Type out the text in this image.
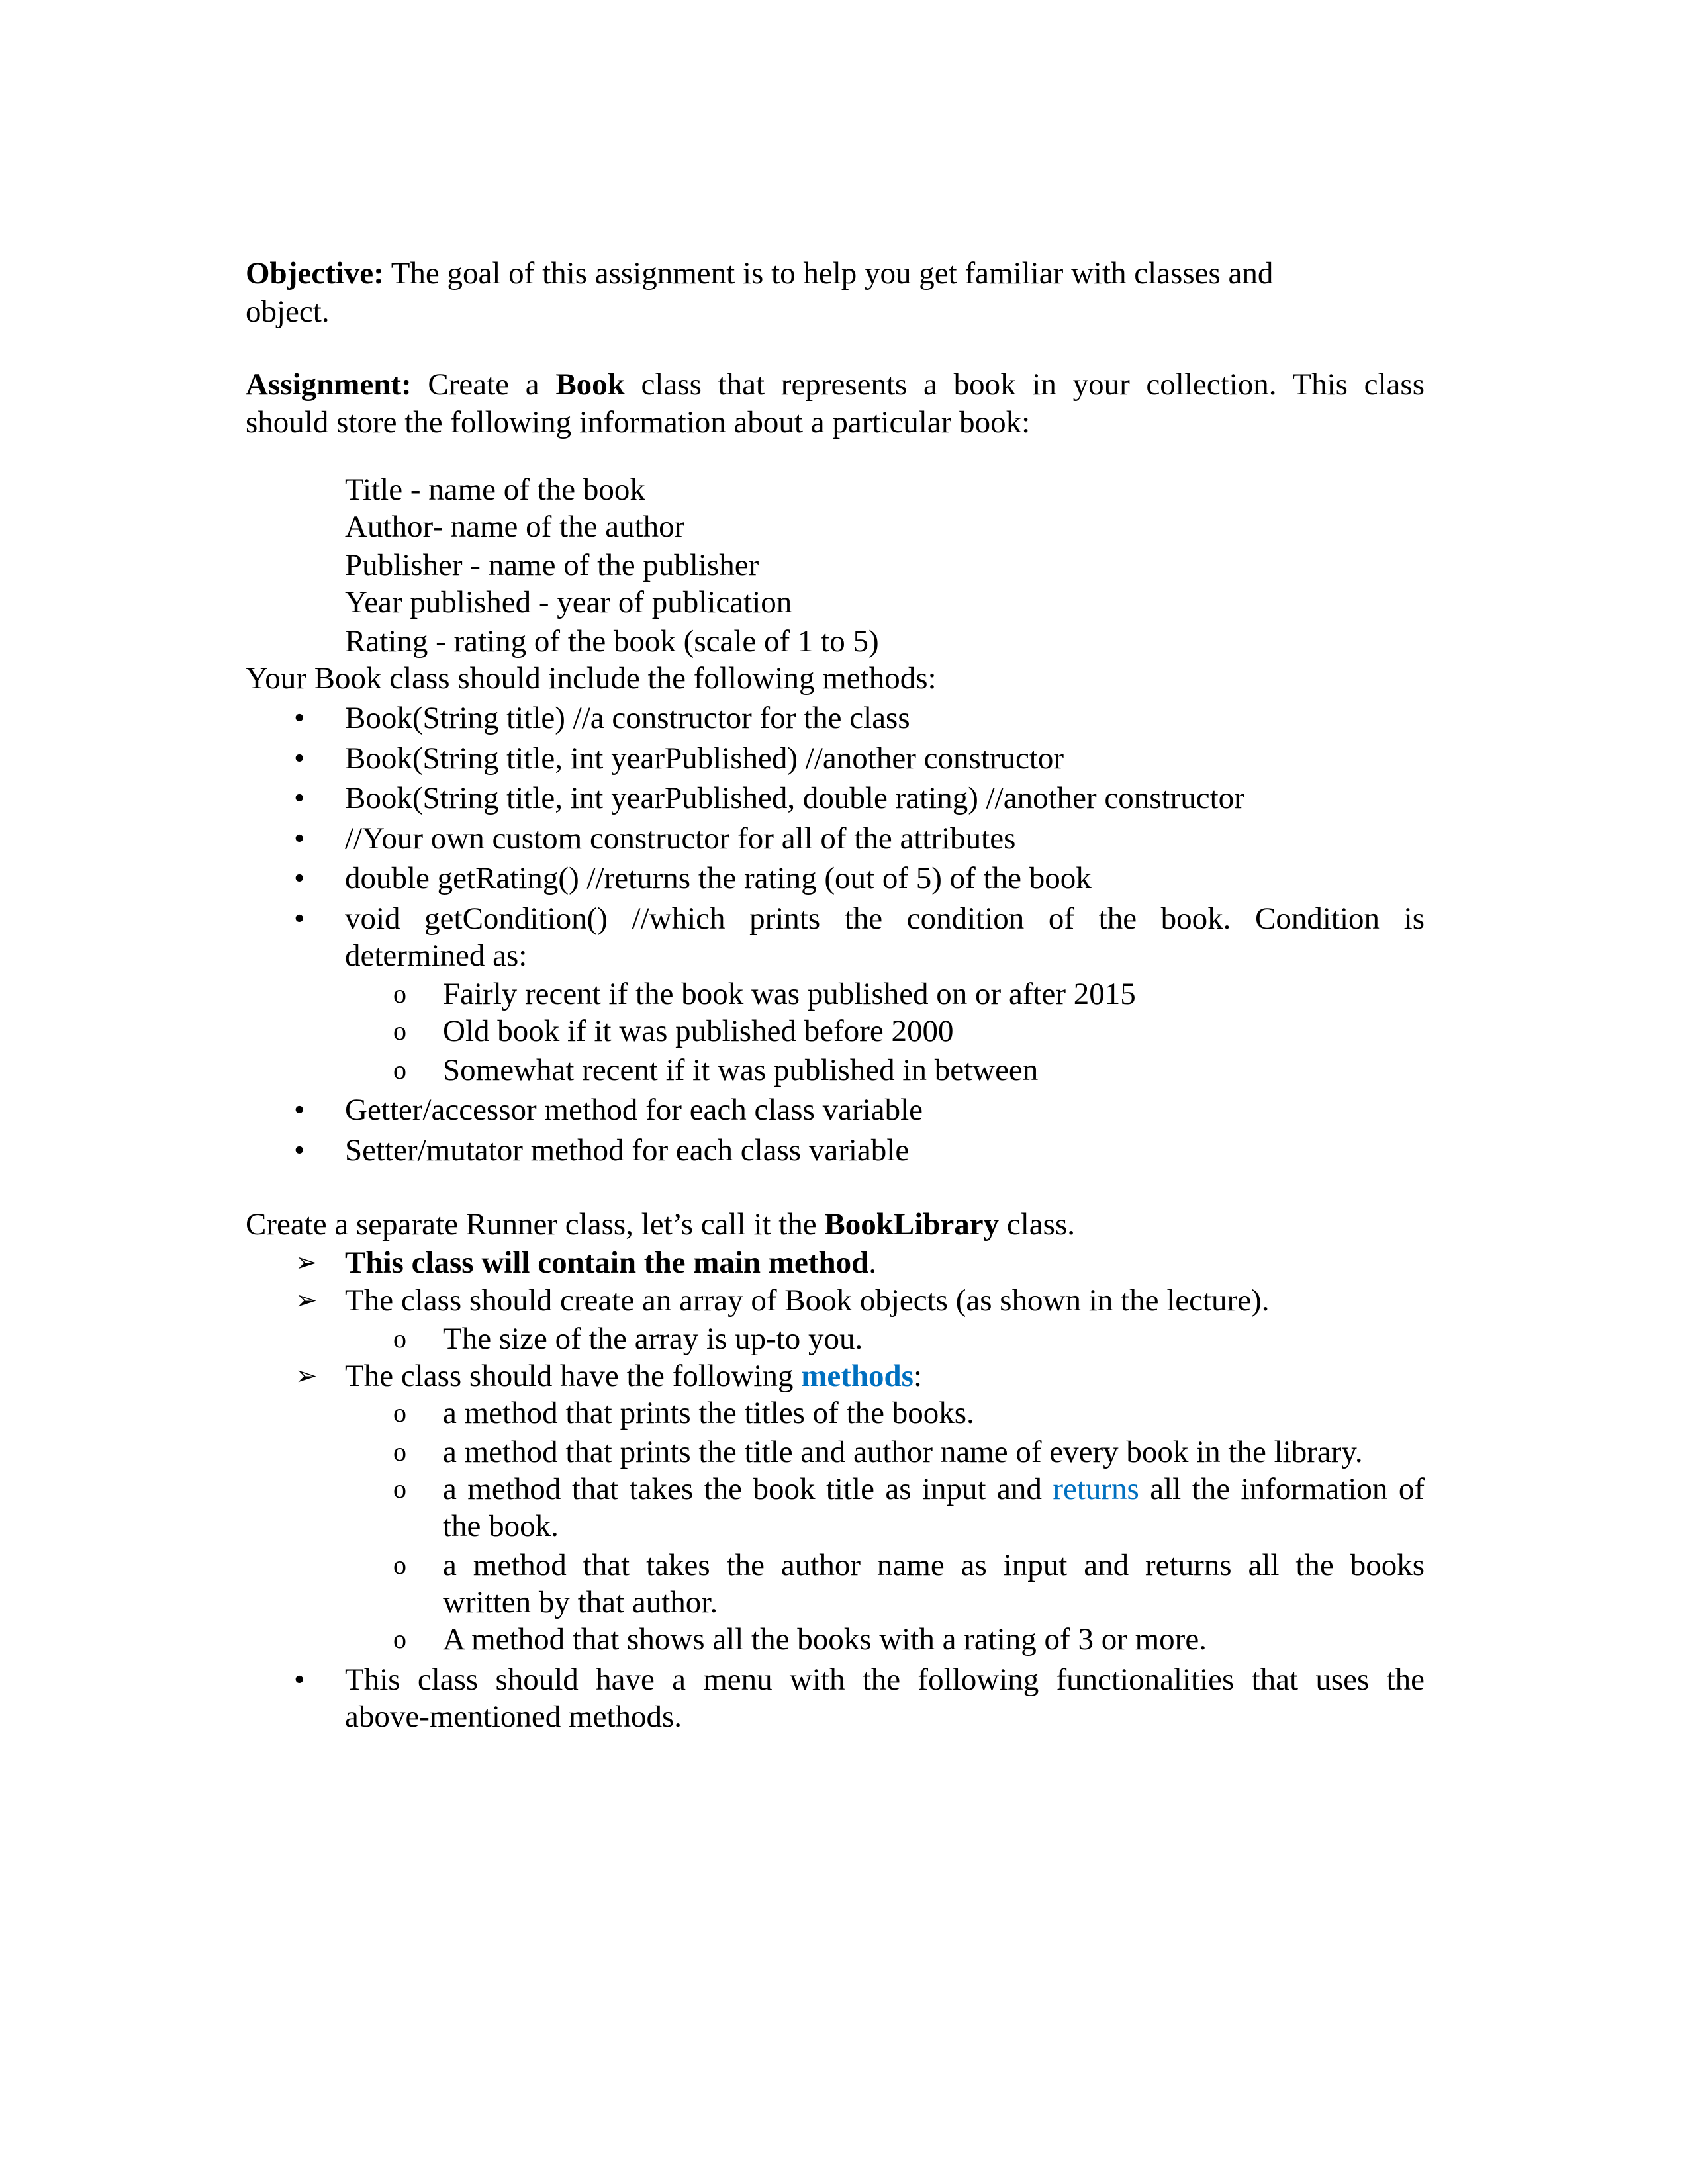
Objective: The goal of this assignment is to help you get familiar with classes and
object.
Assignment: Create a Book class that represents a book in your collection. This class
should store the following information about a particular book:
Title - name of the book
Author- name of the author
Publisher - name of the publisher
Year published - year of publication
Rating - rating of the book (scale of 1 to 5)
Your Book class should include the following methods:
• Book(String title) //a constructor for the class
• Book(String title, int yearPublished) //another constructor
• Book(String title, int yearPublished, double rating) //another constructor
• //Your own custom constructor for all of the attributes
• double getRating() //returns the rating (out of 5) of the book
• void getCondition() //which prints the condition of the book. Condition is
determined as:
o Fairly recent if the book was published on or after 2015
o Old book if it was published before 2000
o Somewhat recent if it was published in between
• Getter/accessor method for each class variable
• Setter/mutator method for each class variable
Create a separate Runner class, let’s call it the BookLibrary class.
➢ This class will contain the main method.
➢ The class should create an array of Book objects (as shown in the lecture).
o The size of the array is up-to you.
➢ The class should have the following methods:
o a method that prints the titles of the books.
o a method that prints the title and author name of every book in the library.
o a method that takes the book title as input and returns all the information of
the book.
o a method that takes the author name as input and returns all the books
written by that author.
o A method that shows all the books with a rating of 3 or more.
• This class should have a menu with the following functionalities that uses the
above-mentioned methods.
